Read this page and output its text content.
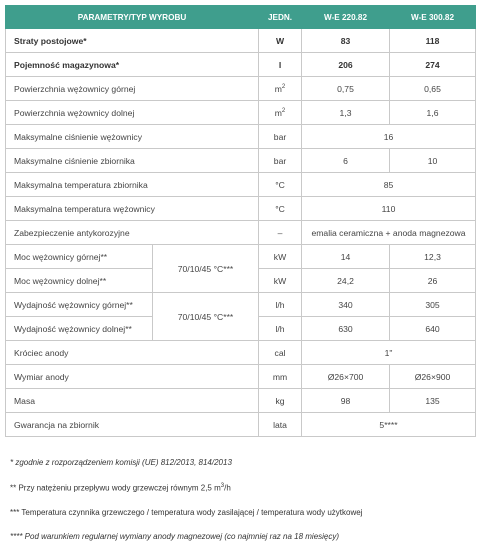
PARAMETRY/TYP WYROBU		JEDN.	W-E 220.82	W-E 300.82
Straty postojowe*		W	83	118
Pojemność magazynowa*		l	206	274
Powierzchnia wężownicy górnej		$m^2$	0,75	0,65
Powierzchnia wężownicy dolnej		$m^2$	1,3	1,6
Maksymalne ciśnienie wężownicy		bar	16	
Maksymalne ciśnienie zbiornika		bar	6	10
Maksymalna temperatura zbiornika		°C	85	
Maksymalna temperatura wężownicy		°C	110	
Zabezpieczenie antykorozyjne		–	emalia ceramiczna + anoda magnezowa	
Moc wężownicy górnej**	70/10/45 °C***	kW	14	12,3
Moc wężownicy dolnej**		kW	24,2	26
Wydajność wężownicy górnej**	70/10/45 °C***	l/h	340	305
Wydajność wężownicy dolnej**		l/h	630	640
Króciec anody		cal	1"	
Wymiar anody		mm	Ø26×700	Ø26×900
Masa		kg	98	135
Gwarancja na zbiornik		lata	5****	
* zgodnie z rozporządzeniem komisji (UE) 812/2013, 814/2013
** Przy natężeniu przepływu wody grzewczej równym 2,5 $m^3/h$
*** Temperatura czynnika grzewczego / temperatura wody zasilającej / temperatura wody użytkowej
**** Pod warunkiem regularnej wymiany anody magnezowej (co najmniej raz na 18 miesięcy)
